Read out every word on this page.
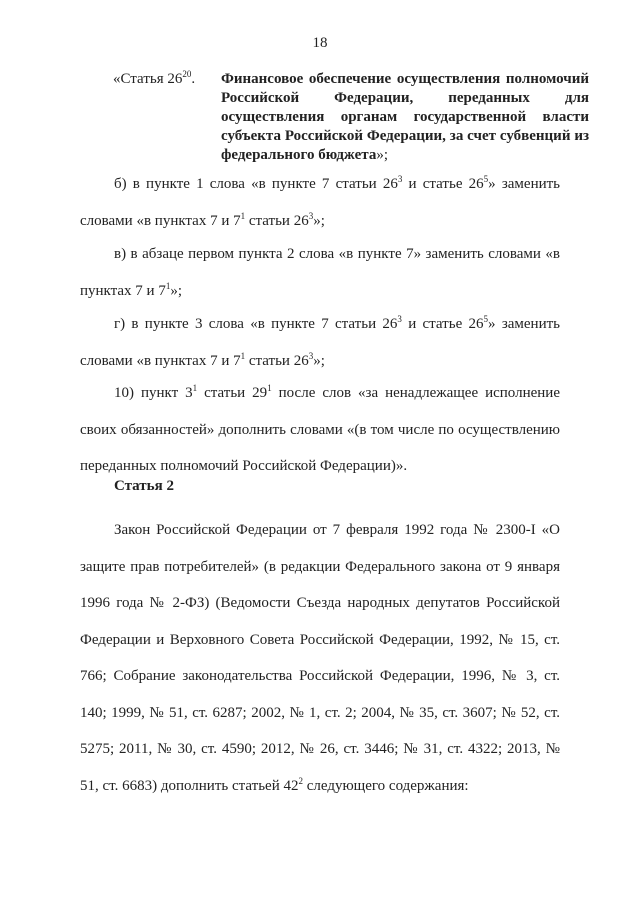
18
«Статья $26^{20}$. Финансовое обеспечение осуществления полномочий Российской Федерации, переданных для осуществления органам государственной власти субъекта Российской Федерации, за счет субвенций из федерального бюджета»;

б) в пункте 1 слова «в пункте 7 статьи $26^3$ и статье $26^5$» заменить словами «в пунктах 7 и $7^1$ статьи $26^3$»;

в) в абзаце первом пункта 2 слова «в пункте 7» заменить словами «в пунктах 7 и $7^1$»;

г) в пункте 3 слова «в пункте 7 статьи $26^3$ и статье $26^5$» заменить словами «в пунктах 7 и $7^1$ статьи $26^3$»;

10) пункт $3^1$ статьи $29^1$ после слов «за ненадлежащее исполнение своих обязанностей» дополнить словами «(в том числе по осуществлению переданных полномочий Российской Федерации)».

Статья 2

Закон Российской Федерации от 7 февраля 1992 года № 2300-I «О защите прав потребителей» (в редакции Федерального закона от 9 января 1996 года № 2-ФЗ) (Ведомости Съезда народных депутатов Российской Федерации и Верховного Совета Российской Федерации, 1992, № 15, ст. 766; Собрание законодательства Российской Федерации, 1996, № 3, ст. 140; 1999, № 51, ст. 6287; 2002, № 1, ст. 2; 2004, № 35, ст. 3607; № 52, ст. 5275; 2011, № 30, ст. 4590; 2012, № 26, ст. 3446; № 31, ст. 4322; 2013, № 51, ст. 6683) дополнить статьей $42^2$ следующего содержания:
